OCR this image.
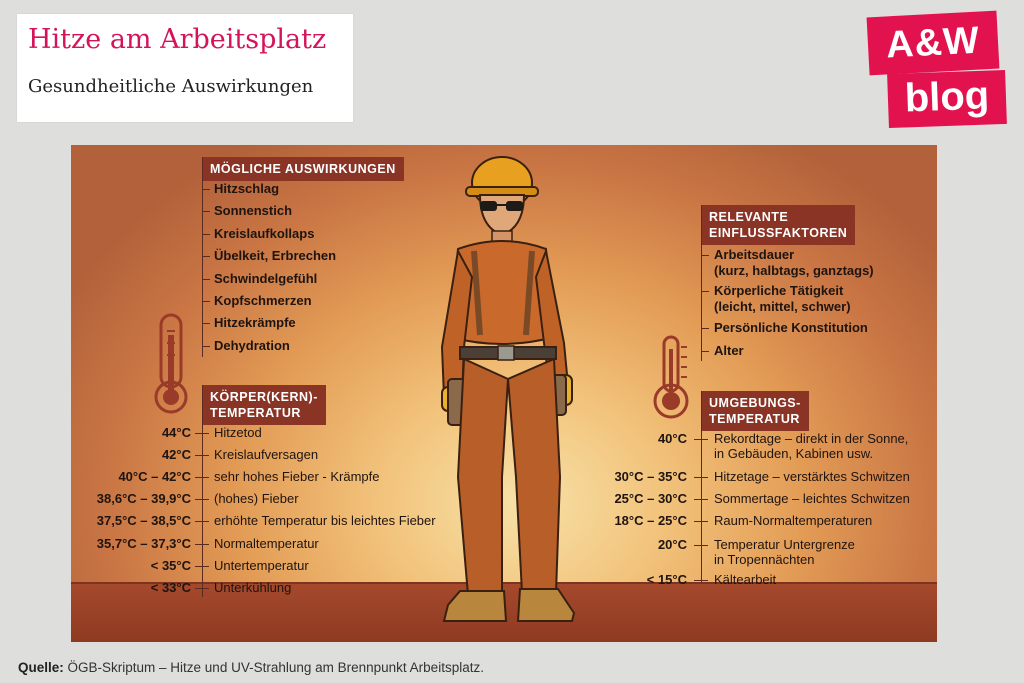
Hitze am Arbeitsplatz
Gesundheitliche Auswirkungen
A&W
blog
MÖGLICHE AUSWIRKUNGEN
Hitzschlag
Sonnenstich
Kreislaufkollaps
Übelkeit, Erbrechen
Schwindelgefühl
Kopfschmerzen
Hitzekrämpfe
Dehydration
KÖRPER(KERN)-
TEMPERATUR
44°C Hitzetod
42°C Kreislaufversagen
40°C – 42°C sehr hohes Fieber - Krämpfe
38,6°C – 39,9°C (hohes) Fieber
37,5°C – 38,5°C erhöhte Temperatur bis leichtes Fieber
35,7°C – 37,3°C Normaltemperatur
< 35°C Untertemperatur
< 33°C Unterkühlung
RELEVANTE
EINFLUSSFAKTOREN
Arbeitsdauer
(kurz, halbtags, ganztags)
Körperliche Tätigkeit
(leicht, mittel, schwer)
Persönliche Konstitution
Alter
UMGEBUNGS-
TEMPERATUR
40°C Rekordtage – direkt in der Sonne,
in Gebäuden, Kabinen usw.
30°C – 35°C Hitzetage – verstärktes Schwitzen
25°C – 30°C Sommertage – leichtes Schwitzen
18°C – 25°C Raum-Normaltemperaturen
20°C Temperatur Untergrenze
in Tropennächten
< 15°C Kältearbeit
Quelle: ÖGB-Skriptum – Hitze und UV-Strahlung am Brennpunkt Arbeitsplatz.
